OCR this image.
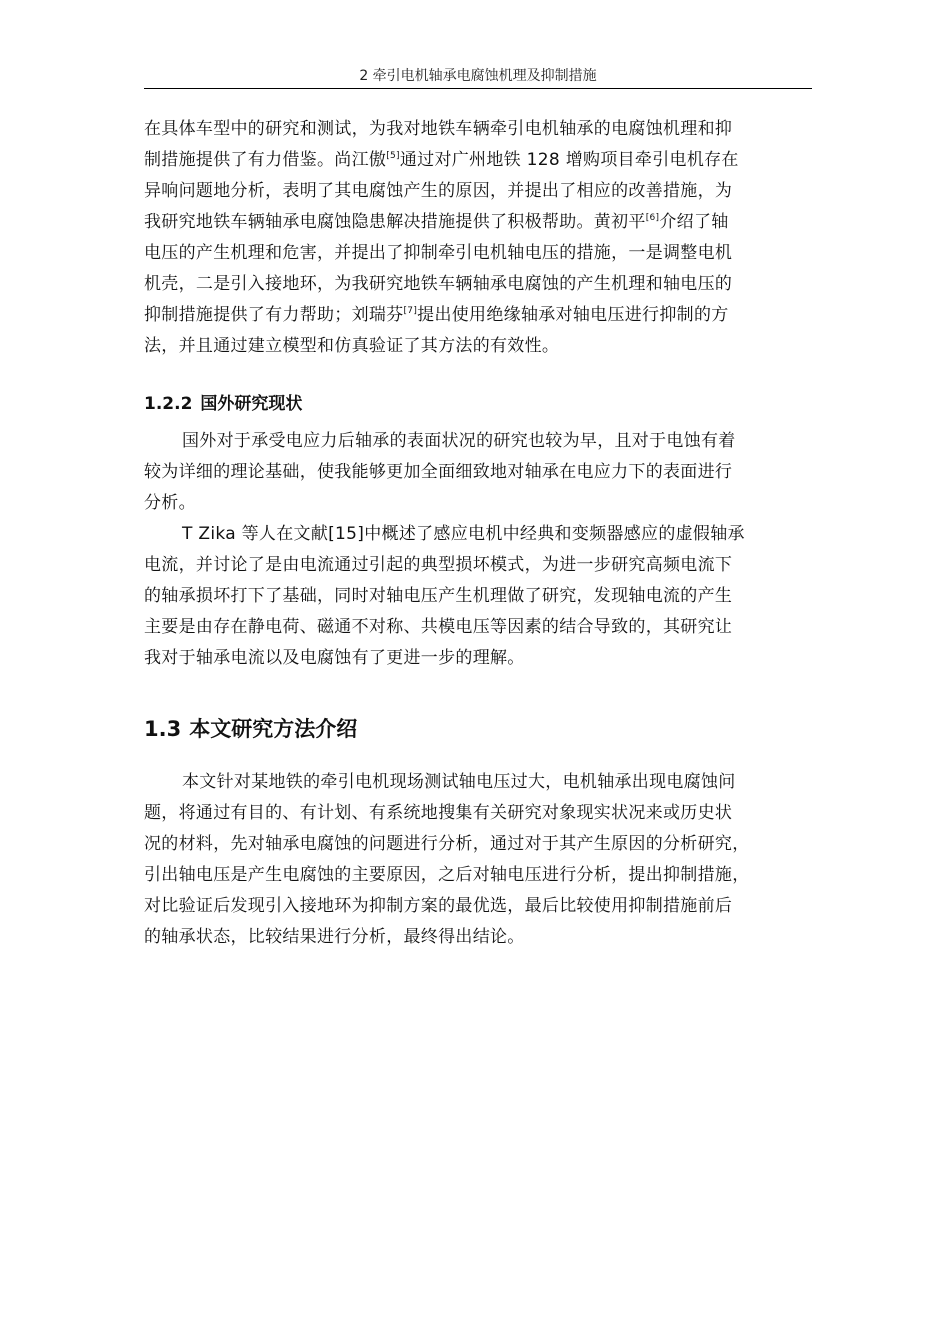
2 牵引电机轴承电腐蚀机理及抑制措施

在具体车型中的研究和测试，为我对地铁车辆牵引电机轴承的电腐蚀机理和抑
制措施提供了有力借鉴。尚江傲[5]通过对广州地铁 128 增购项目牵引电机存在
异响问题地分析，表明了其电腐蚀产生的原因，并提出了相应的改善措施，为
我研究地铁车辆轴承电腐蚀隐患解决措施提供了积极帮助。黄初平[6]介绍了轴
电压的产生机理和危害，并提出了抑制牵引电机轴电压的措施，一是调整电机
机壳，二是引入接地环，为我研究地铁车辆轴承电腐蚀的产生机理和轴电压的
抑制措施提供了有力帮助；刘瑞芬[7]提出使用绝缘轴承对轴电压进行抑制的方
法，并且通过建立模型和仿真验证了其方法的有效性。

1.2.2 国外研究现状

国外对于承受电应力后轴承的表面状况的研究也较为早，且对于电蚀有着
较为详细的理论基础，使我能够更加全面细致地对轴承在电应力下的表面进行
分析。

T Zika 等人在文献[15]中概述了感应电机中经典和变频器感应的虚假轴承
电流，并讨论了是由电流通过引起的典型损坏模式，为进一步研究高频电流下
的轴承损坏打下了基础，同时对轴电压产生机理做了研究，发现轴电流的产生
主要是由存在静电荷、磁通不对称、共模电压等因素的结合导致的，其研究让
我对于轴承电流以及电腐蚀有了更进一步的理解。

1.3 本文研究方法介绍

本文针对某地铁的牵引电机现场测试轴电压过大，电机轴承出现电腐蚀问
题，将通过有目的、有计划、有系统地搜集有关研究对象现实状况来或历史状
况的材料，先对轴承电腐蚀的问题进行分析，通过对于其产生原因的分析研究，
引出轴电压是产生电腐蚀的主要原因，之后对轴电压进行分析，提出抑制措施，
对比验证后发现引入接地环为抑制方案的最优选，最后比较使用抑制措施前后
的轴承状态，比较结果进行分析，最终得出结论。
